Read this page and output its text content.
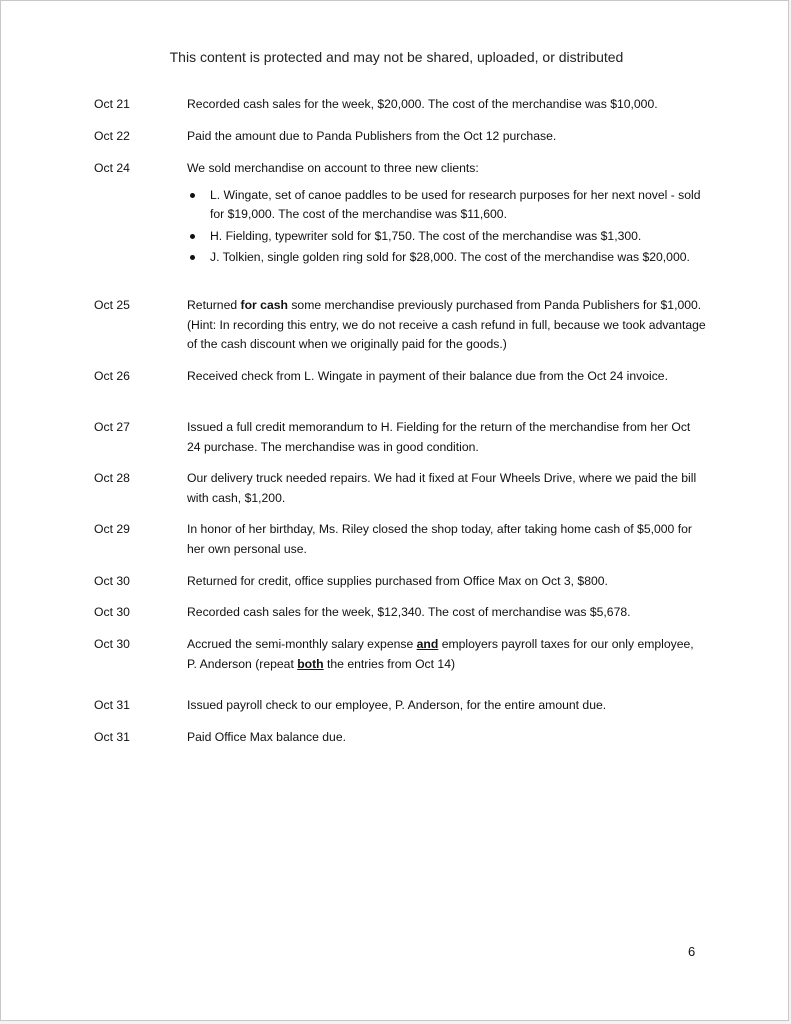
This content is protected and may not be shared, uploaded, or distributed
Oct 21	Recorded cash sales for the week, $20,000. The cost of the merchandise was $10,000.
Oct 22	Paid the amount due to Panda Publishers from the Oct 12 purchase.
Oct 24	We sold merchandise on account to three new clients:
L. Wingate, set of canoe paddles to be used for research purposes for her next novel - sold for $19,000. The cost of the merchandise was $11,600.
H. Fielding, typewriter sold for $1,750. The cost of the merchandise was $1,300.
J. Tolkien, single golden ring sold for $28,000. The cost of the merchandise was $20,000.
Oct 25	Returned for cash some merchandise previously purchased from Panda Publishers for $1,000. (Hint: In recording this entry, we do not receive a cash refund in full, because we took advantage of the cash discount when we originally paid for the goods.)
Oct 26	Received check from L. Wingate in payment of their balance due from the Oct 24 invoice.
Oct 27	Issued a full credit memorandum to H. Fielding for the return of the merchandise from her Oct 24 purchase. The merchandise was in good condition.
Oct 28	Our delivery truck needed repairs. We had it fixed at Four Wheels Drive, where we paid the bill with cash, $1,200.
Oct 29	In honor of her birthday, Ms. Riley closed the shop today, after taking home cash of $5,000 for her own personal use.
Oct 30	Returned for credit, office supplies purchased from Office Max on Oct 3, $800.
Oct 30	Recorded cash sales for the week, $12,340. The cost of merchandise was $5,678.
Oct 30	Accrued the semi-monthly salary expense and employers payroll taxes for our only employee, P. Anderson (repeat both the entries from Oct 14)
Oct 31	Issued payroll check to our employee, P. Anderson, for the entire amount due.
Oct 31	Paid Office Max balance due.
6
